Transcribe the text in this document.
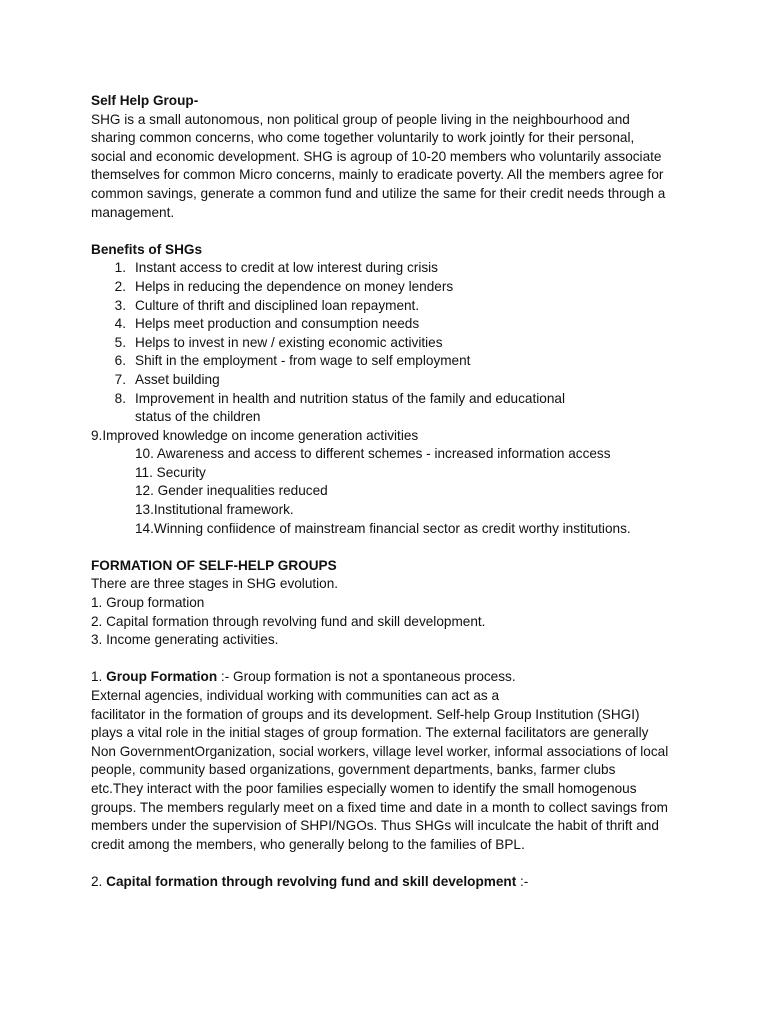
Self Help Group-

SHG is a small autonomous, non political group of people living in the neighbourhood and

sharing common concerns, who come together voluntarily to work jointly for their personal,

social and economic development. SHG is agroup of 10-20 members who voluntarily associate

themselves for common Micro concerns, mainly to eradicate poverty. All the members agree for

common savings, generate a common fund and utilize the same for their credit needs through a

management.

Benefits of SHGs

1. Instant access to credit at low interest during crisis
2. Helps in reducing the dependence on money lenders
3. Culture of thrift and disciplined loan repayment.
4. Helps meet production and consumption needs
5. Helps to invest in new / existing economic activities
6. Shift in the employment - from wage to self employment
7. Asset building
8. Improvement in health and nutrition status of the family and educational
status of the children

9.Improved knowledge on income generation activities

10. Awareness and access to different schemes - increased information access

11. Security

12. Gender inequalities reduced

13.Institutional framework.

14.Winning confiidence of mainstream financial sector as credit worthy institutions.

FORMATION OF SELF-HELP GROUPS

There are three stages in SHG evolution.

1. Group formation

2. Capital formation through revolving fund and skill development.

3. Income generating activities.

1. Group Formation :- Group formation is not a spontaneous process.

External agencies, individual working with communities can act as a

facilitator in the formation of groups and its development. Self-help Group Institution (SHGI)

plays a vital role in the initial stages of group formation. The external facilitators are generally

Non GovernmentOrganization, social workers, village level worker, informal associations of local

people, community based organizations, government departments, banks, farmer clubs

etc.They interact with the poor families especially women to identify the small homogenous

groups. The members regularly meet on a fixed time and date in a month to collect savings from

members under the supervision of SHPI/NGOs. Thus SHGs will inculcate the habit of thrift and

credit among the members, who generally belong to the families of BPL.

2. Capital formation through revolving fund and skill development :-
